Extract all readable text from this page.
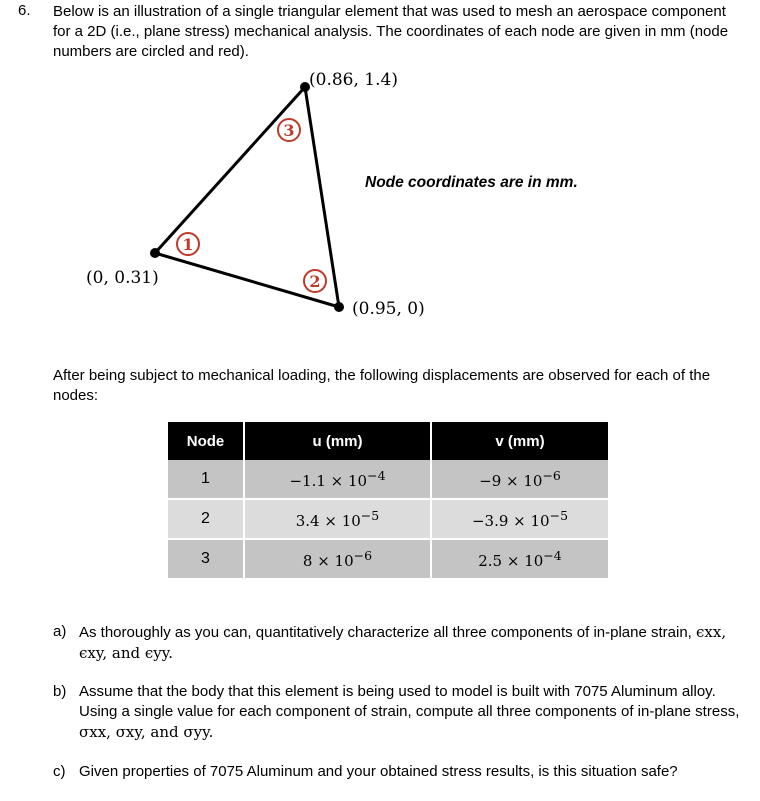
6. Below is an illustration of a single triangular element that was used to mesh an aerospace component for a 2D (i.e., plane stress) mechanical analysis. The coordinates of each node are given in mm (node numbers are circled and red).
1
3
2
(0.86, 1.4)
(0, 0.31)
(0.95, 0)
Node coordinates are in mm.
After being subject to mechanical loading, the following displacements are observed for each of the nodes:
Node	u (mm)	v (mm)
1	$-1.1 \times 10^{-4}$	$-9 \times 10^{-6}$
2	$3.4 \times 10^{-5}$	$-3.9 \times 10^{-5}$
3	$8 \times 10^{-6}$	$2.5 \times 10^{-4}$
a) As thoroughly as you can, quantitatively characterize all three components of in-plane strain, ϵxx, ϵxy, and ϵyy.
b) Assume that the body that this element is being used to model is built with 7075 Aluminum alloy. Using a single value for each component of strain, compute all three components of in-plane stress, σxx, σxy, and σyy.
c) Given properties of 7075 Aluminum and your obtained stress results, is this situation safe?
